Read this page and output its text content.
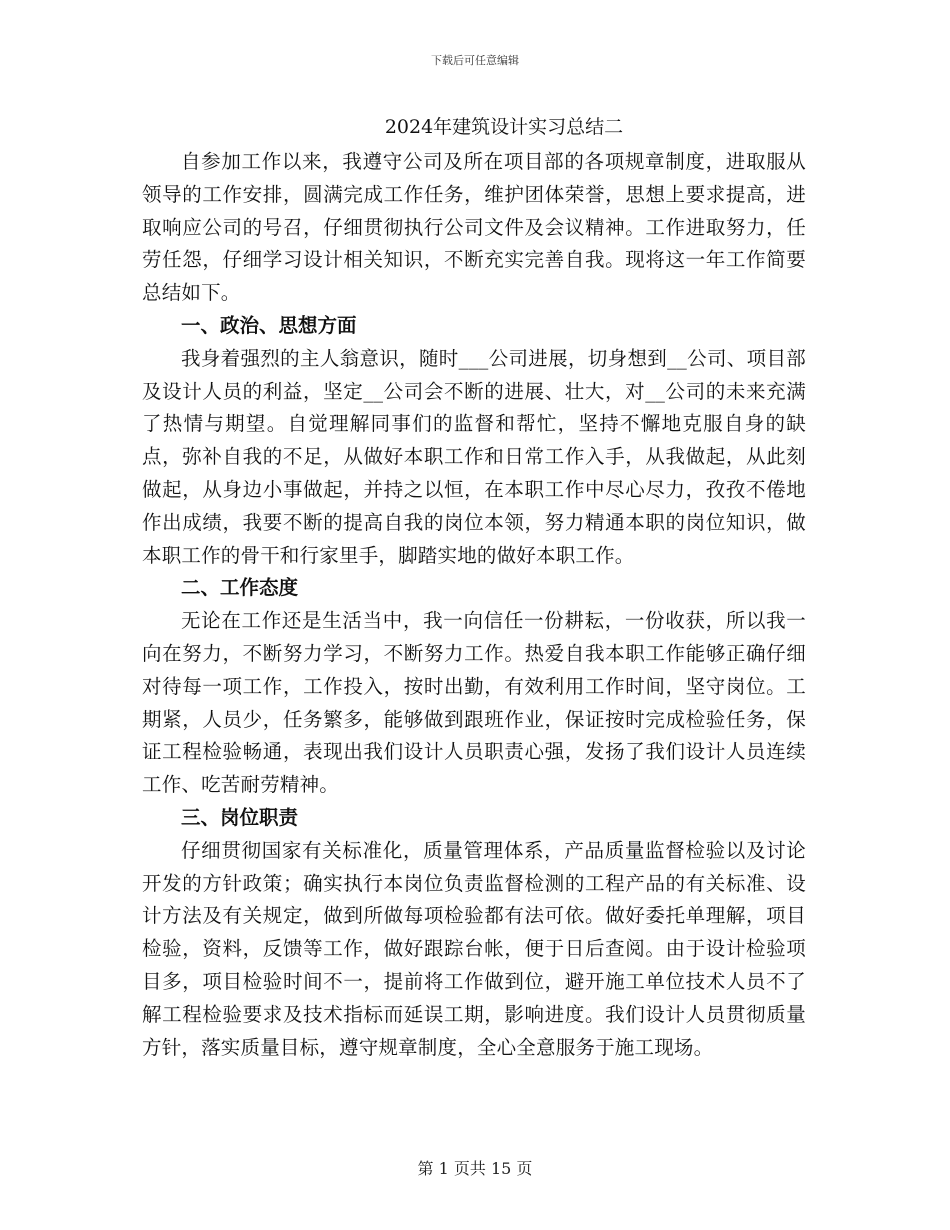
下载后可任意编辑
2024年建筑设计实习总结二

自参加工作以来，我遵守公司及所在项目部的各项规章制度，进取服从领导的工作安排，圆满完成工作任务，维护团体荣誉，思想上要求提高，进取响应公司的号召，仔细贯彻执行公司文件及会议精神。工作进取努力，任劳任怨，仔细学习设计相关知识，不断充实完善自我。现将这一年工作简要总结如下。

一、政治、思想方面

我身着强烈的主人翁意识，随时___公司进展，切身想到__公司、项目部及设计人员的利益，坚定__公司会不断的进展、壮大，对__公司的未来充满了热情与期望。自觉理解同事们的监督和帮忙，坚持不懈地克服自身的缺点，弥补自我的不足，从做好本职工作和日常工作入手，从我做起，从此刻做起，从身边小事做起，并持之以恒，在本职工作中尽心尽力，孜孜不倦地作出成绩，我要不断的提高自我的岗位本领，努力精通本职的岗位知识，做本职工作的骨干和行家里手，脚踏实地的做好本职工作。

二、工作态度

无论在工作还是生活当中，我一向信任一份耕耘，一份收获，所以我一向在努力，不断努力学习，不断努力工作。热爱自我本职工作能够正确仔细对待每一项工作，工作投入，按时出勤，有效利用工作时间，坚守岗位。工期紧，人员少，任务繁多，能够做到跟班作业，保证按时完成检验任务，保证工程检验畅通，表现出我们设计人员职责心强，发扬了我们设计人员连续工作、吃苦耐劳精神。

三、岗位职责

仔细贯彻国家有关标准化，质量管理体系，产品质量监督检验以及讨论开发的方针政策；确实执行本岗位负责监督检测的工程产品的有关标准、设计方法及有关规定，做到所做每项检验都有法可依。做好委托单理解，项目检验，资料，反馈等工作，做好跟踪台帐，便于日后查阅。由于设计检验项目多，项目检验时间不一，提前将工作做到位，避开施工单位技术人员不了解工程检验要求及技术指标而延误工期，影响进度。我们设计人员贯彻质量方针，落实质量目标，遵守规章制度，全心全意服务于施工现场。

第 1 页共 15 页
